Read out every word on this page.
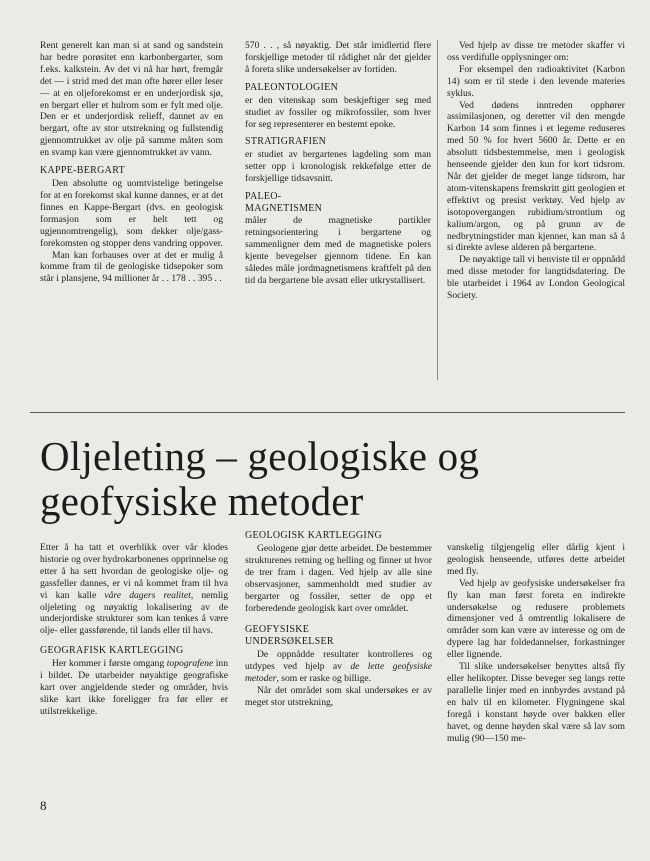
Rent generelt kan man si at sand og sandstein har bedre porøsitet enn karbonbergarter, som f.eks. kalkstein. Av det vi nå har hørt, fremgår det — i strid med det man ofte hører eller leser — at en oljeforekomst er en underjordisk sjø, en bergart eller et hulrom som er fylt med olje. Den er et underjordisk relieff, dannet av en bergart, ofte av stor utstrekning og fullstendig gjennomtrukket av olje på samme måten som en svamp kan være gjennomtrukket av vann.

KAPPE-BERGART

Den absolutte og uomtvistelige betingelse for at en forekomst skal kunne dannes, er at det finnes en Kappe-Bergart (dvs. en geologisk formasjon som er helt tett og ugjennomtrengelig), som dekker olje/gass-forekomsten og stopper dens vandring oppover.

Man kan forbauses over at det er mulig å komme fram til de geologiske tidsepoker som står i plansjene, 94 millioner år . . 178 . . 395 . .

570 . . , så nøyaktig. Det står imidlertid flere forskjellige metoder til rådighet når det gjelder å foreta slike undersøkelser av fortiden.

PALEONTOLOGIEN

er den vitenskap som beskjeftiger seg med studiet av fossiler og mikrofossiler, som hver for seg representerer en bestemt epoke.

STRATIGRAFIEN

er studiet av bergartenes lagdeling som man setter opp i kronologisk rekkefølge etter de forskjellige tidsavsnitt.

PALEO-
MAGNETISMEN

måler de magnetiske partikler retningsorientering i bergartene og sammenligner dem med de magnetiske polers kjente bevegelser gjennom tidene. En kan således måle jordmagnetismens kraftfelt på den tid da bergartene ble avsatt eller utkrystallisert.

Ved hjelp av disse tre metoder skaffer vi oss verdifulle opplysninger om:

For eksempel den radioaktivitet (Karbon 14) som er til stede i den levende materies syklus.

Ved dødens inntreden opphører assimilasjonen, og deretter vil den mengde Karbon 14 som finnes i et legeme reduseres med 50 % for hvert 5600 år. Dette er en absolutt tidsbestemmelse, men i geologisk henseende gjelder den kun for kort tidsrom. Når det gjelder de meget lange tidsrom, har atom-vitenskapens fremskritt gitt geologien et effektivt og presist verktøy. Ved hjelp av isotopovergangen rubidium/strontium og kalium/argon, og på grunn av de nedbrytningstider man kjenner, kan man så å si direkte avlese alderen på bergartene.

De nøyaktige tall vi henviste til er oppnådd med disse metoder for langtidsdatering. De ble utarbeidet i 1964 av London Geological Society.

Oljeleting – geologiske og
geofysiske metoder

Etter å ha tatt et overblikk over vår klodes historie og over hydrokarbonenes opprinnelse og etter å ha sett hvordan de geologiske olje- og gassfeller dannes, er vi nå kommet fram til hva vi kan kalle våre dagers realitet, nemlig oljeleting og nøyaktig lokalisering av de underjordiske strukturer som kan tenkes å være olje- eller gassførende, til lands eller til havs.

GEOGRAFISK KARTLEGGING

Her kommer i første omgang topografene inn i bildet. De utarbeider nøyaktige geografiske kart over angjeldende steder og områder, hvis slike kart ikke foreligger fra før eller er utilstrekkelige.

GEOLOGISK KARTLEGGING

Geologene gjør dette arbeidet. De bestemmer strukturenes retning og helling og finner ut hvor de trer fram i dagen. Ved hjelp av alle sine observasjoner, sammenholdt med studier av bergarter og fossiler, setter de opp et forberedende geologisk kart over området.

GEOFYSISKE
UNDERSØKELSER

De oppnådde resultater kontrolleres og utdypes ved hjelp av de lette geofysiske metoder, som er raske og billige.

Når det området som skal undersøkes er av meget stor utstrekning,

vanskelig tilgjengelig eller dårlig kjent i geologisk henseende, utføres dette arbeidet med fly.

Ved hjelp av geofysiske undersøkelser fra fly kan man først foreta en indirekte undersøkelse og redusere problemets dimensjoner ved å omtrentlig lokalisere de områder som kan være av interesse og om de dypere lag har foldedannelser, forkastninger eller lignende.

Til slike undersøkelser benyttes altså fly eller helikopter. Disse beveger seg langs rette parallelle linjer med en innbyrdes avstand på en halv til en kilometer. Flygningene skal foregå i konstant høyde over bakken eller havet, og denne høyden skal være så lav som mulig (90—150 me-

8
